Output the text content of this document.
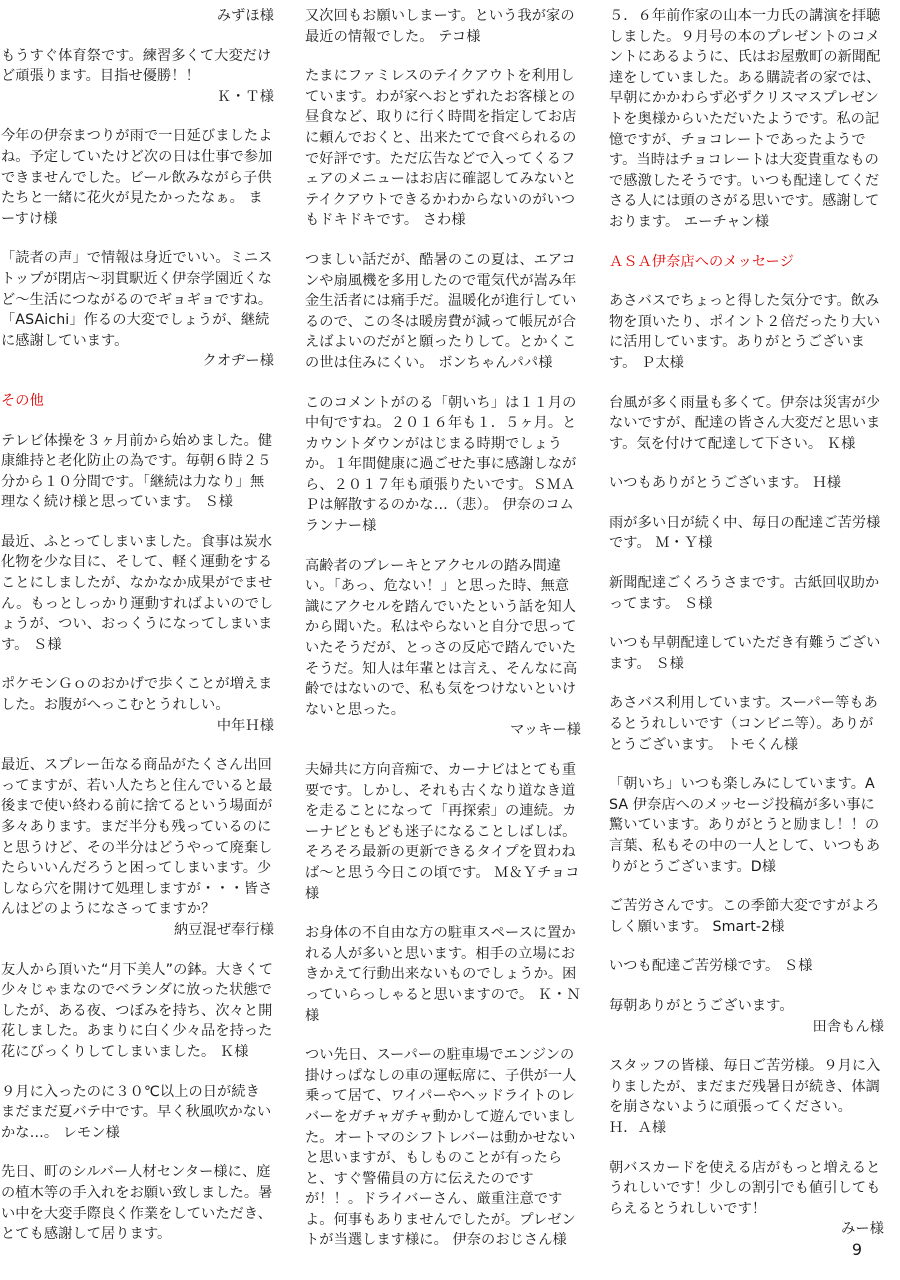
みずほ様
もうすぐ体育祭です。練習多くて大変だけど頑張ります。目指せ優勝！！
Ｋ・Ｔ様
今年の伊奈まつりが雨で一日延びましたよね。予定していたけど次の日は仕事で参加できませんでした。ビール飲みながら子供たちと一緒に花火が見たかったなぁ。 まーすけ様
「読者の声」で情報は身近でいい。ミニストップが閉店～羽貫駅近く伊奈学園近くなど～生活につながるのでギョギョですね。「ASAichi」作るの大変でしょうが、継続に感謝しています。
クオヂー様
その他
テレビ体操を３ヶ月前から始めました。健康維持と老化防止の為です。毎朝６時２５分から１０分間です。「継続は力なり」無理なく続け様と思っています。 Ｓ様
最近、ふとってしまいました。食事は炭水化物を少な目に、そして、軽く運動をすることにしましたが、なかなか成果がでません。もっとしっかり運動すればよいのでしょうが、つい、おっくうになってしまいます。 Ｓ様
ポケモンＧｏのおかげで歩くことが増えました。お腹がへっこむとうれしい。
中年Ｈ様
最近、スプレー缶なる商品がたくさん出回ってますが、若い人たちと住んでいると最後まで使い終わる前に捨てるという場面が多々あります。まだ半分も残っているのにと思うけど、その半分はどうやって廃棄したらいいんだろうと困ってしまいます。少しなら穴を開けて処理しますが・・・皆さんはどのようになさってますか？
納豆混ぜ奉行様
友人から頂いた“月下美人”の鉢。大きくて少々じゃまなのでベランダに放った状態でしたが、ある夜、つぼみを持ち、次々と開花しました。あまりに白く少々品を持った花にびっくりしてしまいました。 Ｋ様
９月に入ったのに３０℃以上の日が続きまだまだ夏バテ中です。早く秋風吹かないかな…。 レモン様
先日、町のシルバー人材センター様に、庭の植木等の手入れをお願い致しました。暑い中を大変手際良く作業をしていただき、とても感謝して居ります。
又次回もお願いしまーす。という我が家の最近の情報でした。 テコ様
たまにファミレスのテイクアウトを利用しています。わが家へおとずれたお客様との昼食など、取りに行く時間を指定してお店に頼んでおくと、出来たてで食べられるので好評です。ただ広告などで入ってくるフェアのメニューはお店に確認してみないとテイクアウトできるかわからないのがいつもドキドキです。 さわ様
つましい話だが、酷暑のこの夏は、エアコンや扇風機を多用したので電気代が嵩み年金生活者には痛手だ。温暖化が進行しているので、この冬は暖房費が減って帳尻が合えばよいのだがと願ったりして。とかくこの世は住みにくい。 ボンちゃんパパ様
このコメントがのる「朝いち」は１１月の中旬ですね。２０１６年も１．５ヶ月。とカウントダウンがはじまる時期でしょうか。１年間健康に過ごせた事に感謝しながら、２０１７年も頑張りたいです。ＳＭＡＰは解散するのかな…（悲）。 伊奈のコムランナー様
高齢者のブレーキとアクセルの踏み間違い。「あっ、危ない！」と思った時、無意識にアクセルを踏んでいたという話を知人から聞いた。私はやらないと自分で思っていたそうだが、とっさの反応で踏んでいたそうだ。知人は年輩とは言え、そんなに高齢ではないので、私も気をつけないといけないと思った。
マッキー様
夫婦共に方向音痴で、カーナビはとても重要です。しかし、それも古くなり道なき道を走ることになって「再探索」の連続。カーナビともども迷子になることしばしば。そろそろ最新の更新できるタイプを買わねば～と思う今日この頃です。 Ｍ＆Ｙチョコ様
お身体の不自由な方の駐車スペースに置かれる人が多いと思います。相手の立場におきかえて行動出来ないものでしょうか。困っていらっしゃると思いますので。 Ｋ・Ｎ様
つい先日、スーパーの駐車場でエンジンの掛けっぱなしの車の運転席に、子供が一人乗って居て、ワイパーやヘッドライトのレバーをガチャガチャ動かして遊んでいました。オートマのシフトレバーは動かせないと思いますが、もしものことが有ったらと、すぐ警備員の方に伝えたのですが！！。ドライバーさん、厳重注意ですよ。何事もありませんでしたが。プレゼントが当選します様に。 伊奈のおじさん様
５．６年前作家の山本一力氏の講演を拝聴しました。９月号の本のプレゼントのコメントにあるように、氏はお屋敷町の新聞配達をしていました。ある購読者の家では、早朝にかかわらず必ずクリスマスプレゼントを奥様からいただいたようです。私の記憶ですが、チョコレートであったようです。当時はチョコレートは大変貴重なもので感激したそうです。いつも配達してくださる人には頭のさがる思いです。感謝しております。 エーチャン様
ＡＳＡ伊奈店へのメッセージ
あさバスでちょっと得した気分です。飲み物を頂いたり、ポイント２倍だったり大いに活用しています。ありがとうございます。 Ｐ太様
台風が多く雨量も多くて。伊奈は災害が少ないですが、配達の皆さん大変だと思います。気を付けて配達して下さい。 Ｋ様
いつもありがとうございます。 Ｈ様
雨が多い日が続く中、毎日の配達ご苦労様です。 Ｍ・Ｙ様
新聞配達ごくろうさまです。古紙回収助かってます。 Ｓ様
いつも早朝配達していただき有難うございます。 Ｓ様
あさバス利用しています。スーパー等もあるとうれしいです（コンビニ等）。ありがとうございます。 トモくん様
「朝いち」いつも楽しみにしています。ASA 伊奈店へのメッセージ投稿が多い事に驚いています。ありがとうと励まし！！の言葉、私もその中の一人として、いつもありがとうございます。D様
ご苦労さんです。この季節大変ですがよろしく願います。 Smart-2様
いつも配達ご苦労様です。 Ｓ様
毎朝ありがとうございます。
田舎もん様
スタッフの皆様、毎日ご苦労様。９月に入りましたが、まだまだ残暑日が続き、体調を崩さないように頑張ってください。 Ｈ．Ａ様
朝バスカードを使える店がもっと増えるとうれしいです！少しの割引でも値引してもらえるとうれしいです！
みー様
9
